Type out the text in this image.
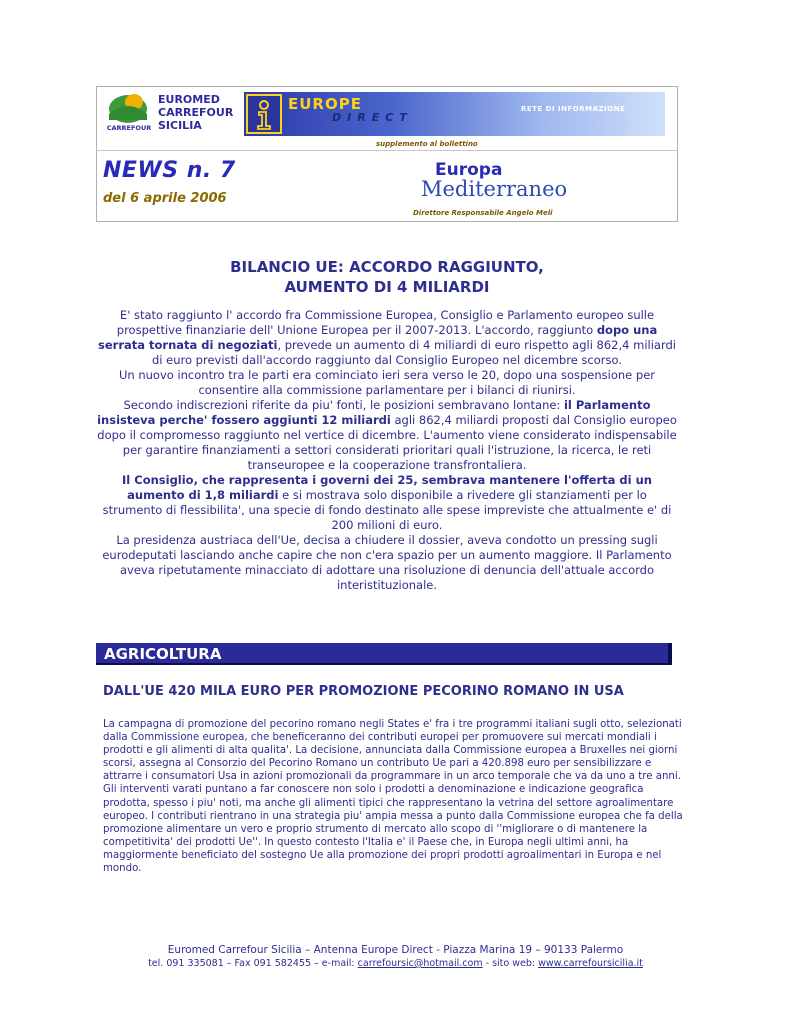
CARREFOUR
EUROMED
CARREFOUR
SICILIA
EUROPE
DIRECT
RETE DI INFORMAZIONE
supplemento al bollettino
NEWS n. 7
del 6 aprile 2006
Europa
Mediterraneo
Direttore Responsabile Angelo Meli
BILANCIO UE: ACCORDO RAGGIUNTO,
AUMENTO DI 4 MILIARDI

E' stato raggiunto l' accordo fra Commissione Europea, Consiglio e Parlamento europeo sulle prospettive finanziarie dell' Unione Europea per il 2007-2013. L'accordo, raggiunto dopo una serrata tornata di negoziati, prevede un aumento di 4 miliardi di euro rispetto agli 862,4 miliardi di euro previsti dall'accordo raggiunto dal Consiglio Europeo nel dicembre scorso.

Un nuovo incontro tra le parti era cominciato ieri sera verso le 20, dopo una sospensione per consentire alla commissione parlamentare per i bilanci di riunirsi.

Secondo indiscrezioni riferite da piu' fonti, le posizioni sembravano lontane: il Parlamento insisteva perche' fossero aggiunti 12 miliardi agli 862,4 miliardi proposti dal Consiglio europeo dopo il compromesso raggiunto nel vertice di dicembre. L'aumento viene considerato indispensabile per garantire finanziamenti a settori considerati prioritari quali l'istruzione, la ricerca, le reti transeuropee e la cooperazione transfrontaliera.

Il Consiglio, che rappresenta i governi dei 25, sembrava mantenere l'offerta di un aumento di 1,8 miliardi e si mostrava solo disponibile a rivedere gli stanziamenti per lo strumento di flessibilita', una specie di fondo destinato alle spese impreviste che attualmente e' di 200 milioni di euro.

La presidenza austriaca dell'Ue, decisa a chiudere il dossier, aveva condotto un pressing sugli eurodeputati lasciando anche capire che non c'era spazio per un aumento maggiore. Il Parlamento aveva ripetutamente minacciato di adottare una risoluzione di denuncia dell'attuale accordo interistituzionale.

AGRICOLTURA
DALL'UE 420 MILA EURO PER PROMOZIONE PECORINO ROMANO IN USA
La campagna di promozione del pecorino romano negli States e' fra i tre programmi italiani sugli otto, selezionati dalla Commissione europea, che beneficeranno dei contributi europei per promuovere sui mercati mondiali i prodotti e gli alimenti di alta qualita'. La decisione, annunciata dalla Commissione europea a Bruxelles nei giorni scorsi, assegna al Consorzio del Pecorino Romano un contributo Ue pari a 420.898 euro per sensibilizzare e attrarre i consumatori Usa in azioni promozionali da programmare in un arco temporale che va da uno a tre anni. Gli interventi varati puntano a far conoscere non solo i prodotti a denominazione e indicazione geografica prodotta, spesso i piu' noti, ma anche gli alimenti tipici che rappresentano la vetrina del settore agroalimentare europeo. I contributi rientrano in una strategia piu' ampia messa a punto dalla Commissione europea che fa della promozione alimentare un vero e proprio strumento di mercato allo scopo di ''migliorare o di mantenere la competitivita' dei prodotti Ue''. In questo contesto l'Italia e' il Paese che, in Europa negli ultimi anni, ha maggiormente beneficiato del sostegno Ue alla promozione dei propri prodotti agroalimentari in Europa e nel mondo.
Euromed Carrefour Sicilia – Antenna Europe Direct - Piazza Marina 19 – 90133 Palermo
tel. 091 335081 – Fax 091 582455 – e-mail: carrefoursic@hotmail.com - sito web: www.carrefoursicilia.it
